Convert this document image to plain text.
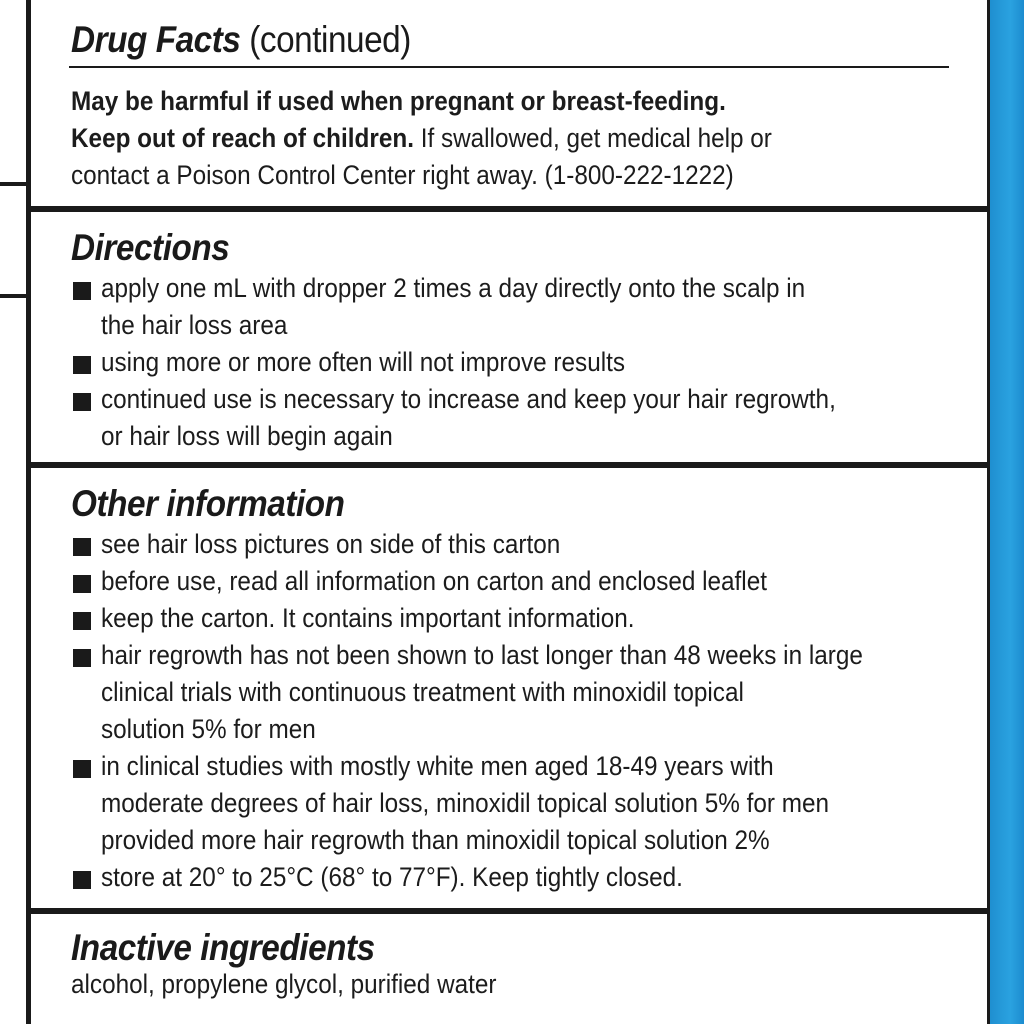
Drug Facts (continued)
May be harmful if used when pregnant or breast-feeding.
Keep out of reach of children. If swallowed, get medical help or
contact a Poison Control Center right away. (1-800-222-1222)
Directions
apply one mL with dropper 2 times a day directly onto the scalp in
the hair loss area
using more or more often will not improve results
continued use is necessary to increase and keep your hair regrowth,
or hair loss will begin again
Other information
see hair loss pictures on side of this carton
before use, read all information on carton and enclosed leaflet
keep the carton. It contains important information.
hair regrowth has not been shown to last longer than 48 weeks in large
clinical trials with continuous treatment with minoxidil topical
solution 5% for men
in clinical studies with mostly white men aged 18-49 years with
moderate degrees of hair loss, minoxidil topical solution 5% for men
provided more hair regrowth than minoxidil topical solution 2%
store at 20° to 25°C (68° to 77°F). Keep tightly closed.
Inactive ingredients
alcohol, propylene glycol, purified water
